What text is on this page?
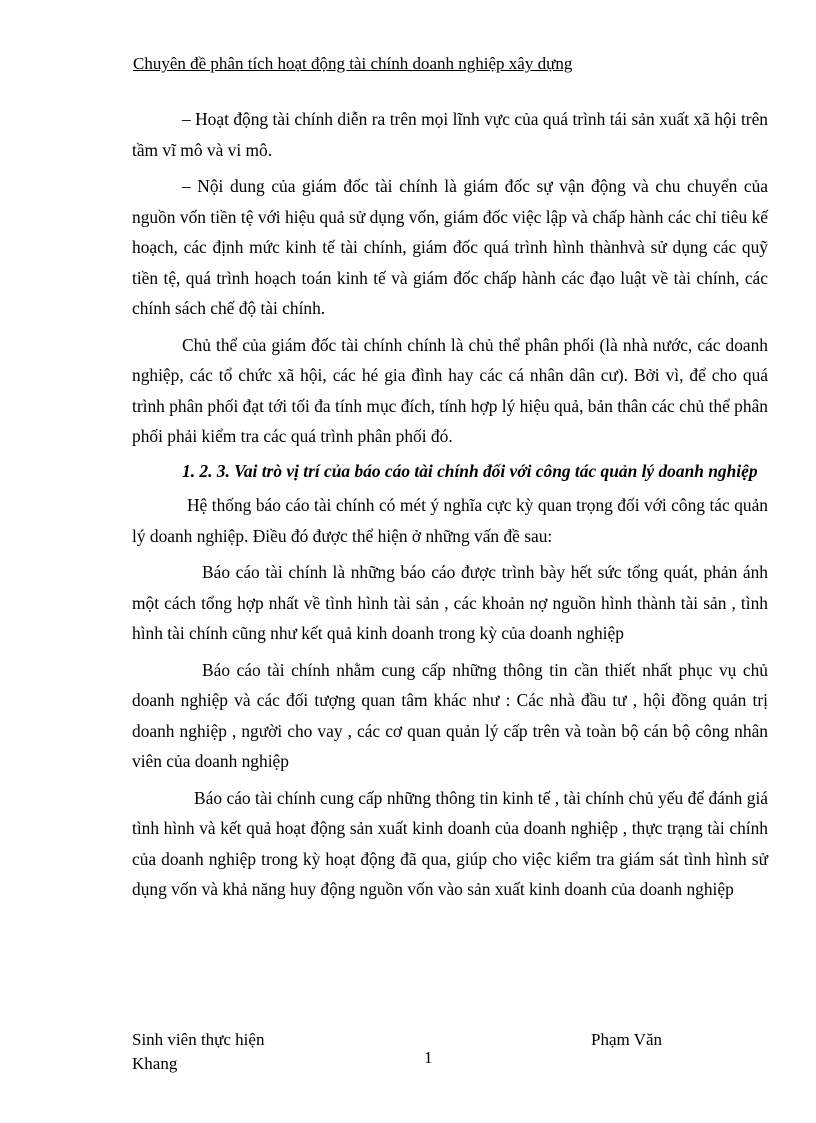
Chuyên đề phân tích hoạt động tài chính doanh nghiệp xây dựng

– Hoạt động tài chính diễn ra trên mọi lĩnh vực của quá trình tái sản xuất xã hội trên tầm vĩ mô và vi mô.

– Nội dung của giám đốc tài chính là giám đốc sự vận động và chu chuyển của nguồn vốn tiền tệ với hiệu quả sử dụng vốn, giám đốc việc lập và chấp hành các chỉ tiêu kế hoạch, các định mức kinh tế tài chính, giám đốc quá trình hình thànhvà sử dụng các quỹ tiền tệ, quá trình hoạch toán kinh tế và giám đốc chấp hành các đạo luật về tài chính, các chính sách chế độ tài chính.

Chủ thể của giám đốc tài chính chính là chủ thể phân phối (là nhà nước, các doanh nghiệp, các tổ chức xã hội, các hé gia đình hay các cá nhân dân cư). Bởi vì, để cho quá trình phân phối đạt tới tối đa tính mục đích, tính hợp lý hiệu quả, bản thân các chủ thể phân phối phải kiểm tra các quá trình phân phối đó.

1. 2. 3. Vai trò vị trí của báo cáo tài chính đối với công tác quản lý doanh nghiệp

Hệ thống báo cáo tài chính có mét ý nghĩa cực kỳ quan trọng đối với công tác quản lý doanh nghiệp. Điều đó được thể hiện ở những vấn đề sau:

Báo cáo tài chính là những báo cáo được trình bày hết sức tổng quát, phản ánh một cách tổng hợp nhất về tình hình tài sản , các khoản nợ nguồn hình thành tài sản , tình hình tài chính cũng như kết quả kinh doanh trong kỳ của doanh nghiệp

Báo cáo tài chính nhằm cung cấp những thông tin cần thiết nhất phục vụ chủ doanh nghiệp và các đối tượng quan tâm khác như : Các nhà đầu tư , hội đồng quản trị doanh nghiệp , người cho vay , các cơ quan quản lý cấp trên và toàn bộ cán bộ công nhân viên của doanh nghiệp

Báo cáo tài chính cung cấp những thông tin kinh tế , tài chính chủ yếu để đánh giá tình hình và kết quả hoạt động sản xuất kinh doanh của doanh nghiệp , thực trạng tài chính của doanh nghiệp trong kỳ hoạt động đã qua, giúp cho việc kiểm tra giám sát tình hình sử dụng vốn và khả năng huy động nguồn vốn vào sản xuất kinh doanh của doanh nghiệp

Sinh viên thực hiện
Khang
Phạm Văn
1
